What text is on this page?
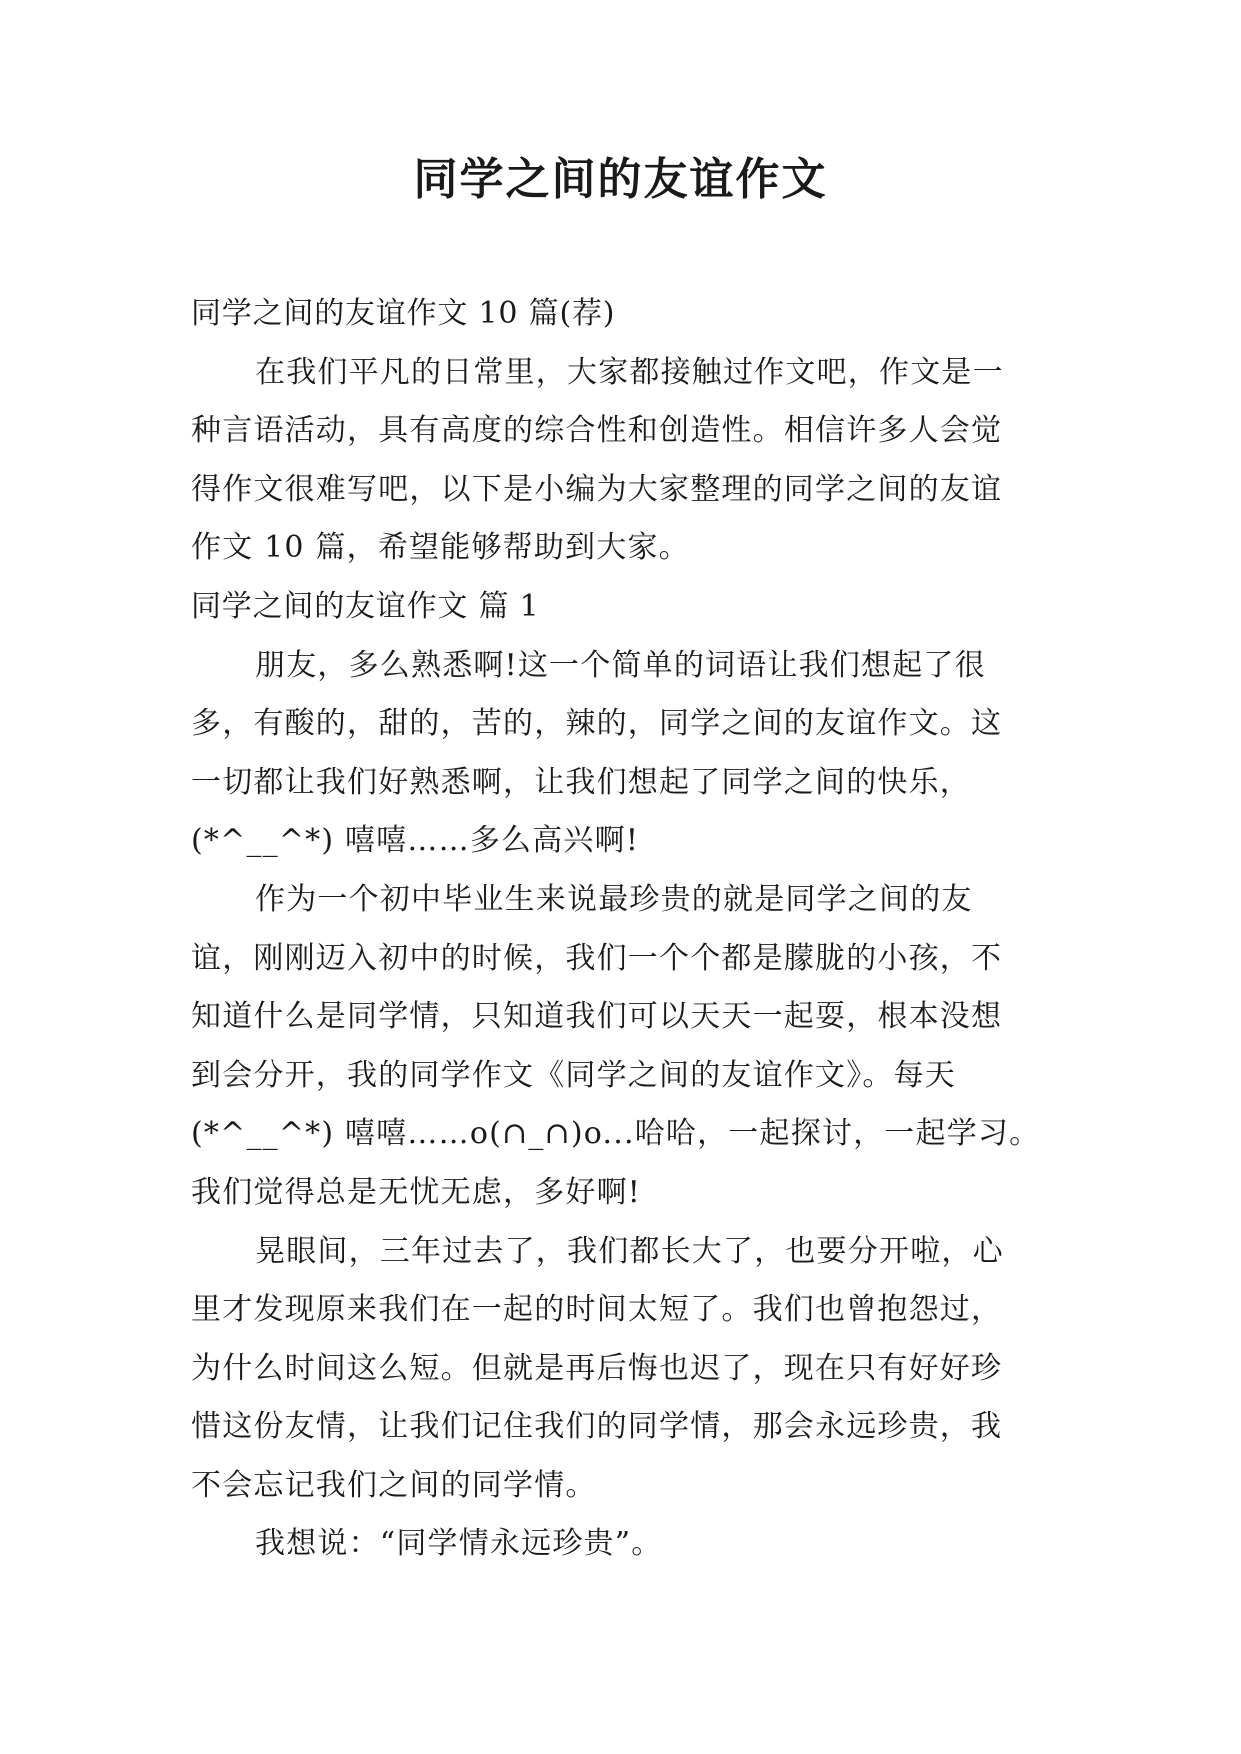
同学之间的友谊作文

同学之间的友谊作文 10 篇(荐)

在我们平凡的日常里，大家都接触过作文吧，作文是一

种言语活动，具有高度的综合性和创造性。相信许多人会觉

得作文很难写吧，以下是小编为大家整理的同学之间的友谊

作文 10 篇，希望能够帮助到大家。

同学之间的友谊作文 篇 1

朋友，多么熟悉啊!这一个简单的词语让我们想起了很

多，有酸的，甜的，苦的，辣的，同学之间的友谊作文。这

一切都让我们好熟悉啊，让我们想起了同学之间的快乐，

(*^__^*) 嘻嘻……多么高兴啊!

作为一个初中毕业生来说最珍贵的就是同学之间的友

谊，刚刚迈入初中的时候，我们一个个都是朦胧的小孩，不

知道什么是同学情，只知道我们可以天天一起耍，根本没想

到会分开，我的同学作文《同学之间的友谊作文》。每天

(*^__^*) 嘻嘻……o(∩_∩)o...哈哈，一起探讨，一起学习。

我们觉得总是无忧无虑，多好啊!

晃眼间，三年过去了，我们都长大了，也要分开啦，心

里才发现原来我们在一起的时间太短了。我们也曾抱怨过，

为什么时间这么短。但就是再后悔也迟了，现在只有好好珍

惜这份友情，让我们记住我们的同学情，那会永远珍贵，我

不会忘记我们之间的同学情。

我想说：“同学情永远珍贵”。
